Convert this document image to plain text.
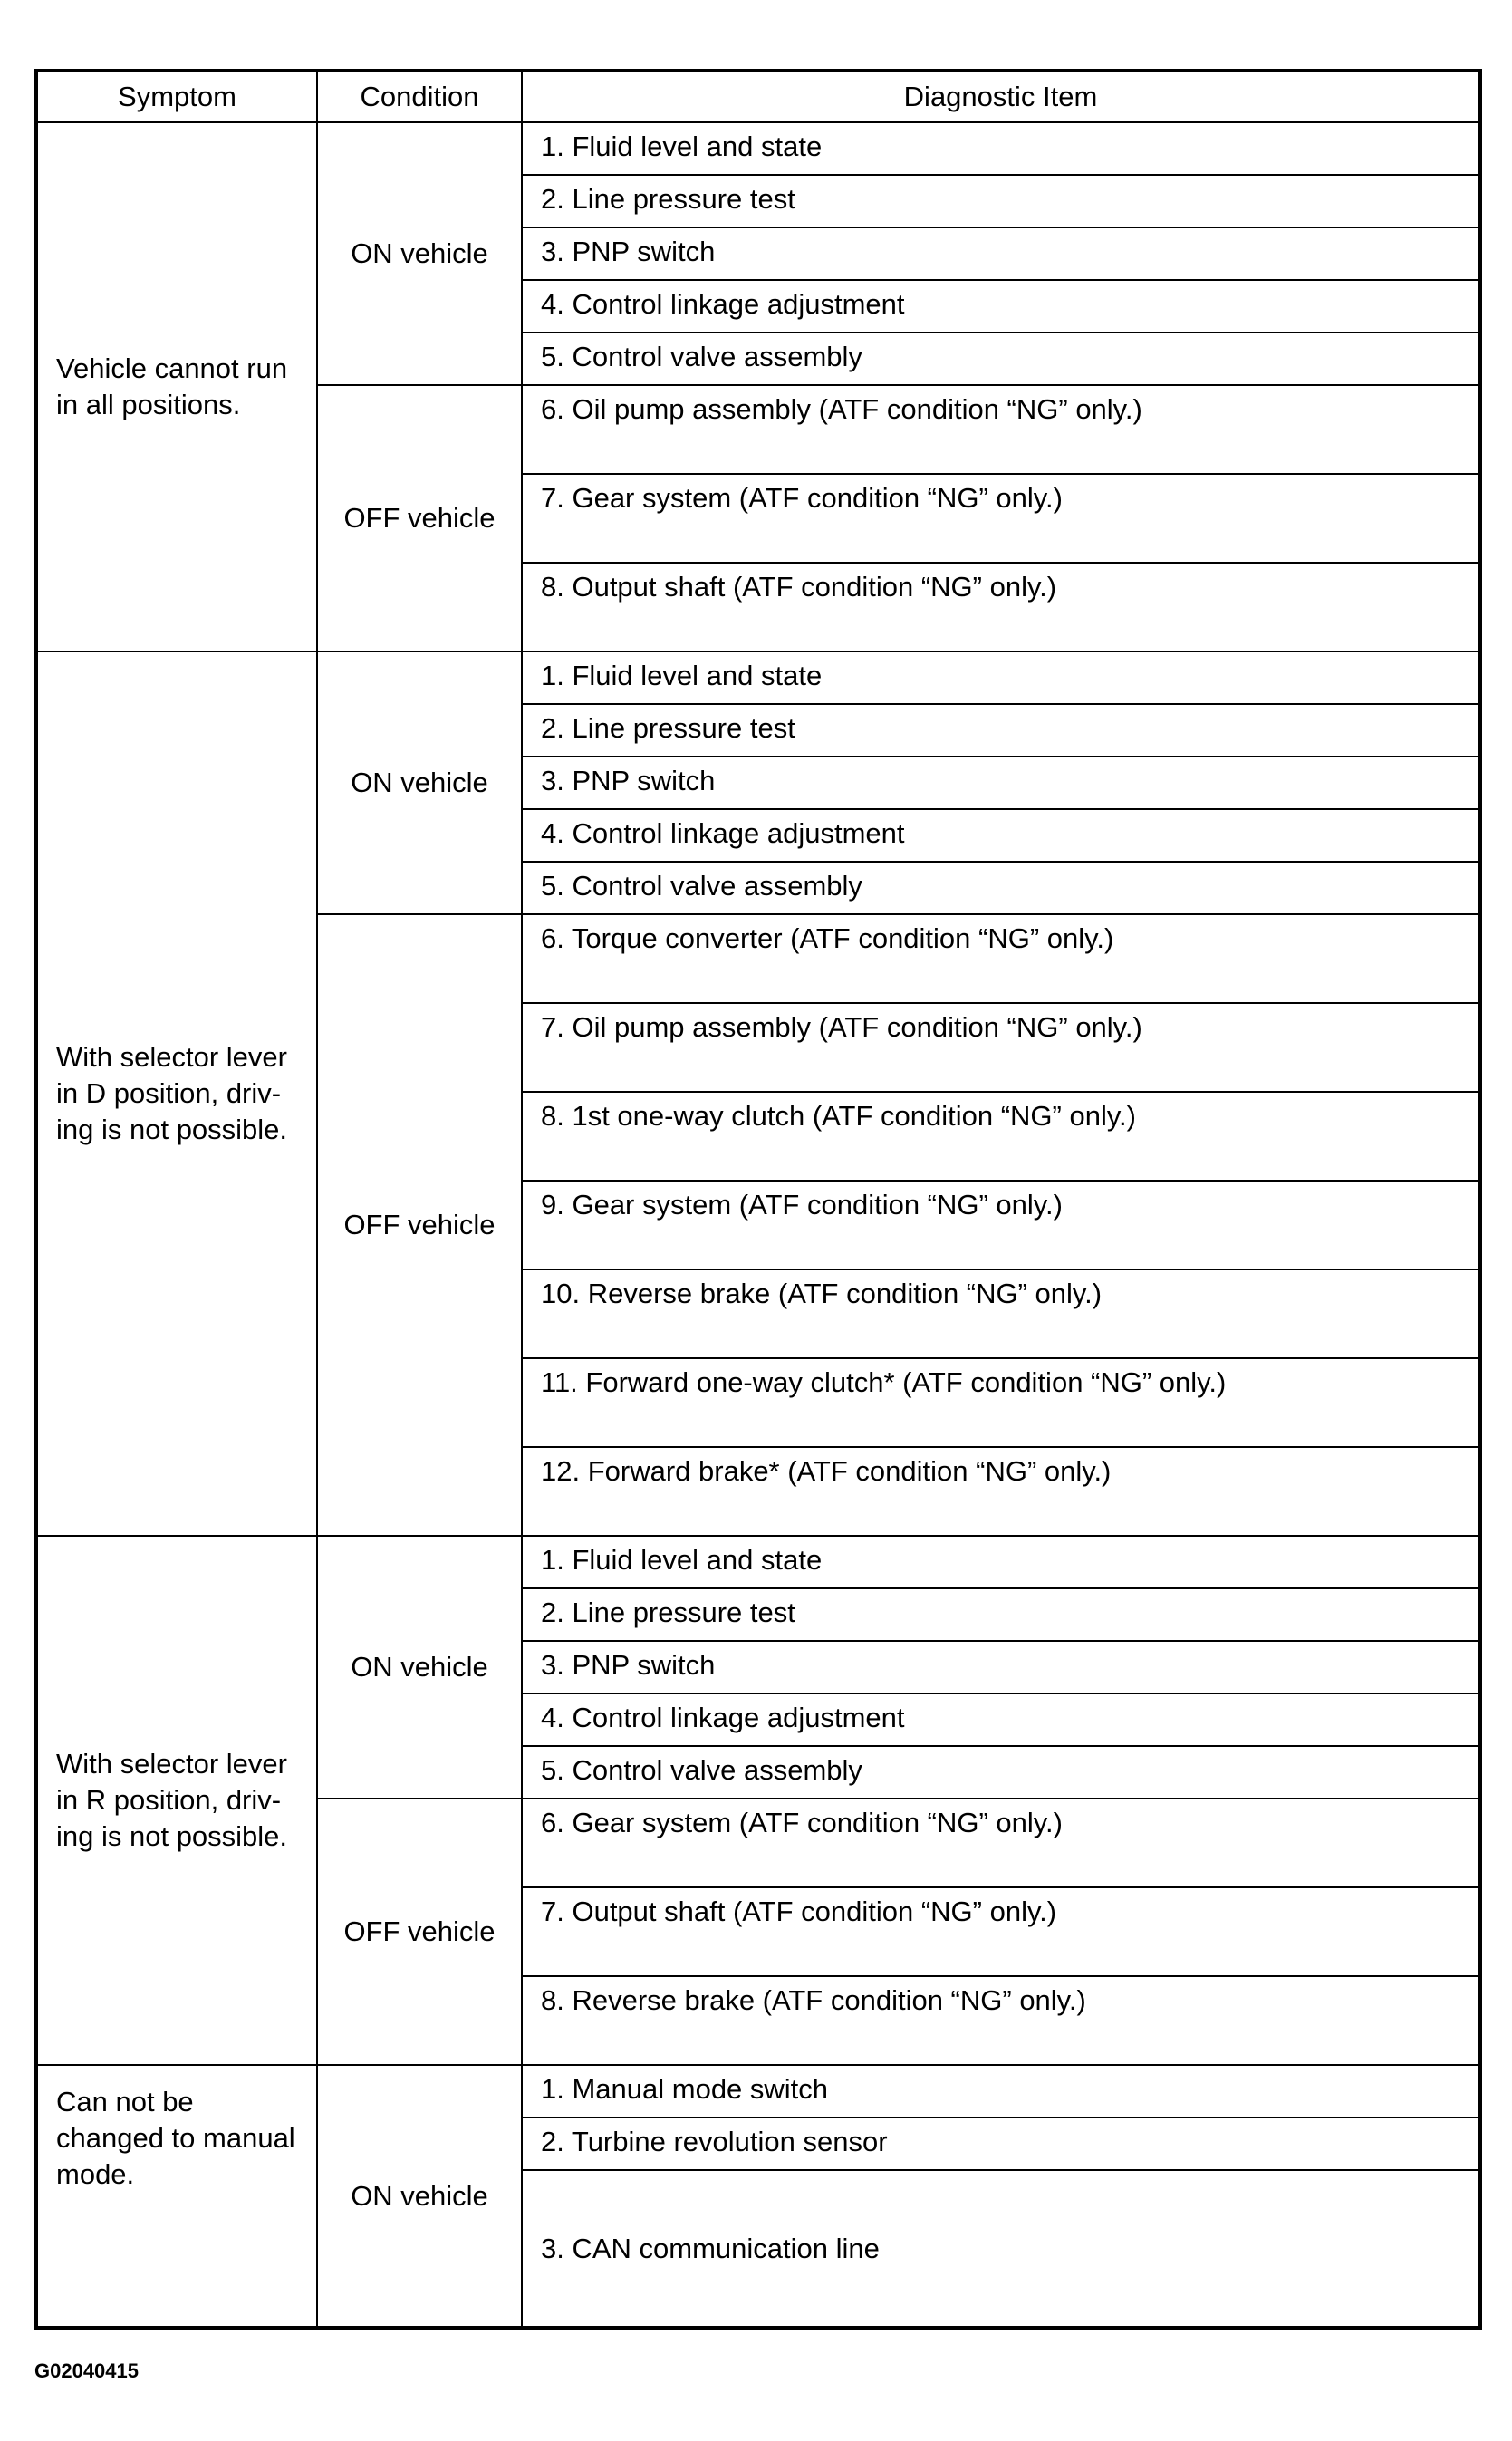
Symptom	Condition	Diagnostic Item

Vehicle cannot run
in all positions.	ON vehicle	1. Fluid level and state
		2. Line pressure test
		3. PNP switch
		4. Control linkage adjustment
		5. Control valve assembly
	OFF vehicle	6. Oil pump assembly (ATF condition “NG” only.)
		7. Gear system (ATF condition “NG” only.)
		8. Output shaft (ATF condition “NG” only.)

With selector lever
in D position, driv-
ing is not possible.	ON vehicle	1. Fluid level and state
		2. Line pressure test
		3. PNP switch
		4. Control linkage adjustment
		5. Control valve assembly
	OFF vehicle	6. Torque converter (ATF condition “NG” only.)
		7. Oil pump assembly (ATF condition “NG” only.)
		8. 1st one-way clutch (ATF condition “NG” only.)
		9. Gear system (ATF condition “NG” only.)
		10. Reverse brake (ATF condition “NG” only.)
		11. Forward one-way clutch* (ATF condition “NG” only.)
		12. Forward brake* (ATF condition “NG” only.)

With selector lever
in R position, driv-
ing is not possible.	ON vehicle	1. Fluid level and state
		2. Line pressure test
		3. PNP switch
		4. Control linkage adjustment
		5. Control valve assembly
	OFF vehicle	6. Gear system (ATF condition “NG” only.)
		7. Output shaft (ATF condition “NG” only.)
		8. Reverse brake (ATF condition “NG” only.)

Can not be
changed to manual
mode.	ON vehicle	1. Manual mode switch
		2. Turbine revolution sensor
		3. CAN communication line
G02040415
